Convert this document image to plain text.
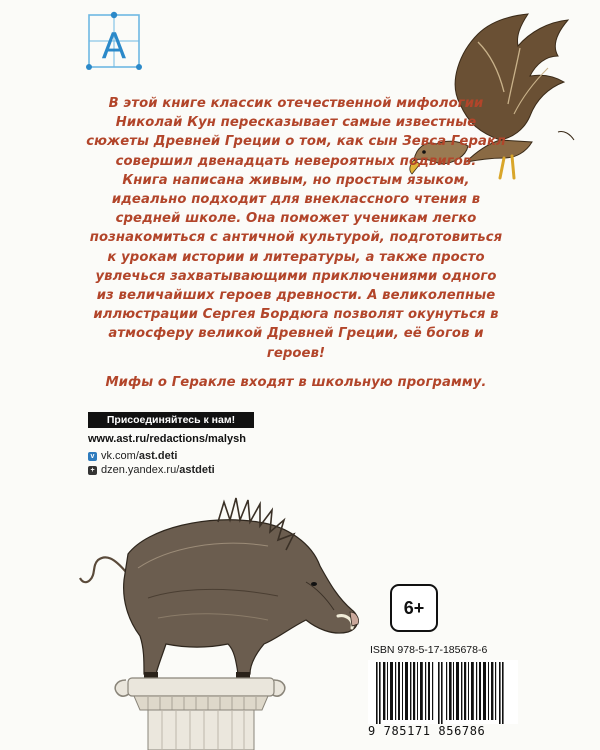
А

В этой книге классик отечественной мифологии Николай Кун пересказывает самые известные сюжеты Древней Греции о том, как сын Зевса Геракл совершил двенадцать невероятных подвигов.

Книга написана живым, но простым языком, идеально подходит для внеклассного чтения в средней школе. Она поможет ученикам легко познакомиться с античной культурой, подготовиться к урокам истории и литературы, а также просто увлечься захватывающими приключениями одного из величайших героев древности. А великолепные иллюстрации Сергея Бордюга позволят окунуться в атмосферу великой Древней Греции, её богов и героев!

Мифы о Геракле входят в школьную программу.

Присоединяйтесь к нам!
www.ast.ru/redactions/malysh
v vk.com/ ast.deti
+ dzen.yandex.ru/ astdeti
6+
ISBN 978-5-17-185678-6
9 785171 856786
